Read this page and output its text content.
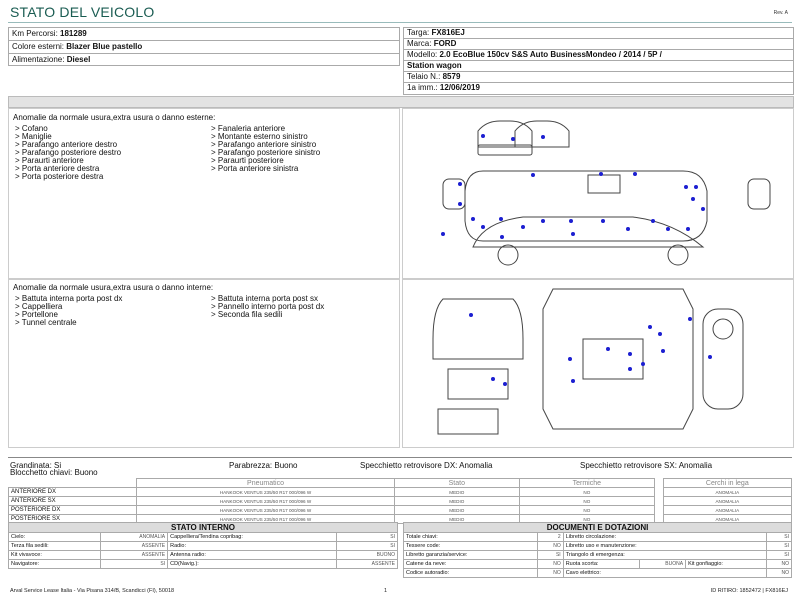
STATO DEL VEICOLO	Rev. A
Km Percorsi: 181289
Colore esterni: Blazer Blue pastello
Alimentazione: Diesel
Targa: FX816EJ
Marca: FORD
Modello: 2.0 EcoBlue 150cv S&S Auto BusinessMondeo / 2014 / 5P /
Station wagon
Telaio N.: 8579
1a imm.: 12/06/2019
Anomalie da normale usura,extra usura o danno esterne:
> Cofano
> Maniglie
> Parafango anteriore destro
> Parafango posteriore destro
> Paraurti anteriore
> Porta anteriore destra
> Porta posteriore destra
> Fanaleria anteriore
> Montante esterno sinistro
> Parafango anteriore sinistro
> Parafango posteriore sinistro
> Paraurti posteriore
> Porta anteriore sinistra
Anomalie da normale usura,extra usura o danno interne:
> Battuta interna porta post dx
> Cappelliera
> Portellone
> Tunnel centrale
> Battuta interna porta post sx
> Pannello interno porta post dx
> Seconda fila sedili
Grandinata: Si	Parabrezza: Buono	Specchietto retrovisore DX: Anomalia	Specchietto retrovisore SX: Anomalia
Blocchetto chiavi: Buono
	Pneumatico	Stato	Termiche		Cerchi in lega
ANTERIORE DX	HANKOOK VENTUS 235/50 R17 000/096 W	MEDIO	NO		ANOMALIA
ANTERIORE SX	HANKOOK VENTUS 235/50 R17 000/096 W	MEDIO	NO		ANOMALIA
POSTERIORE DX	HANKOOK VENTUS 235/50 R17 000/096 W	MEDIO	NO		ANOMALIA
POSTERIORE SX	HANKOOK VENTUS 235/50 R17 000/096 W	MEDIO	NO		ANOMALIA
STATO INTERNO			
Cielo:	ANOMALIA	Cappelliera/Tendina copribag:	SI
Terza fila sedili:	ASSENTE	Radio:	SI
Kit vivavoce:	ASSENTE	Antenna radio:	BUONO
Navigatore:	SI	CD(Navig.):	ASSENTE
DOCUMENTI E DOTAZIONI					
Totale chiavi:	2	Libretto circolazione:			SI
Tessere code:	NO	Libretto uso e manutenzione:			SI
Libretto garanzia/service:	SI	Triangolo di emergenza:			SI
Catene da neve:	NO	Ruota scorta:	BUONA	Kit gonfiaggio:	NO
Codice autoradio:	NO	Cavo elettrico:			NO
Arval Service Lease Italia - Via Pisana 314/B, Scandicci (FI), 50018	1	ID RITIRO: 1852472 | FX816EJ
